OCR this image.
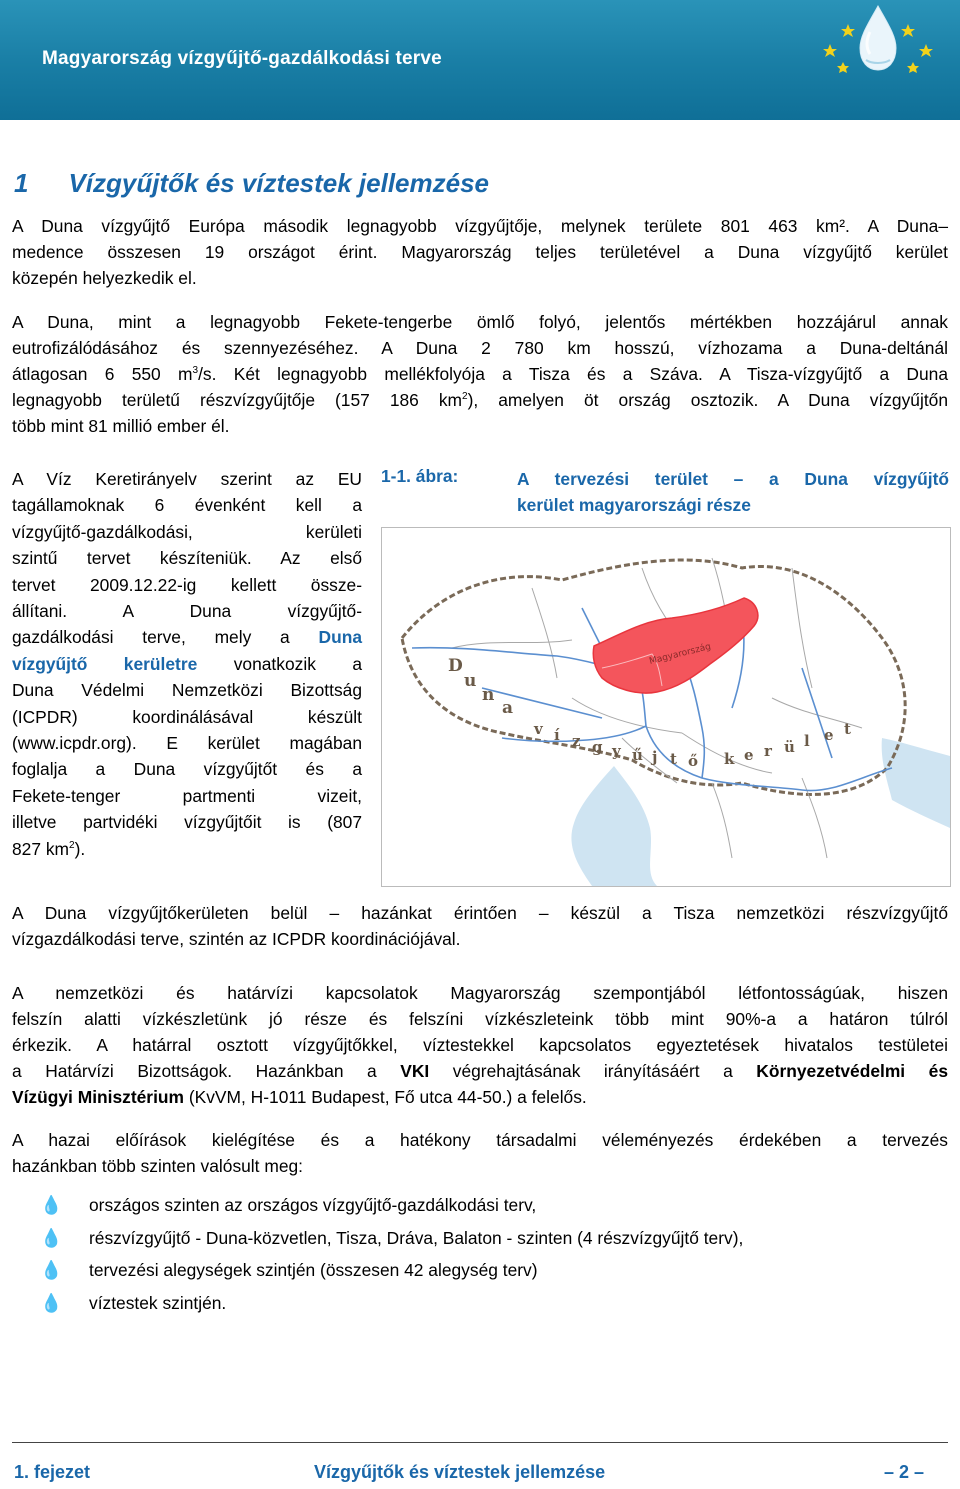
Magyarország vízgyűjtő-gazdálkodási terve
1 Vízgyűjtők és víztestek jellemzése
A Duna vízgyűjtő Európa második legnagyobb vízgyűjtője, melynek területe 801 463 km². A Duna–
medence összesen 19 országot érint. Magyarország teljes területével a Duna vízgyűjtő kerület
közepén helyezkedik el.
A Duna, mint a legnagyobb Fekete-tengerbe ömlő folyó, jelentős mértékben hozzájárul annak
eutrofizálódásához és szennyezéséhez. A Duna 2 780 km hosszú, vízhozama a Duna-deltánál
átlagosan 6 550 $m^3/s$. Két legnagyobb mellékfolyója a Tisza és a Száva. A Tisza-vízgyűjtő a Duna
legnagyobb területű részvízgyűjtője (157 186 $km^2$), amelyen öt ország osztozik. A Duna vízgyűjtőn
több mint 81 millió ember él.
A Víz Keretirányelv szerint az EU
tagállamoknak 6 évenként kell a
vízgyűjtő-gazdálkodási, kerületi
szintű tervet készíteniük. Az első
tervet 2009.12.22-ig kellett össze-
állítani. A Duna vízgyűjtő-
gazdálkodási terve, mely a Duna
vízgyűjtő kerületre vonatkozik a
Duna Védelmi Nemzetközi Bizottság
(ICPDR) koordinálásával készült
(www.icpdr.org). E kerület magában
foglalja a Duna vízgyűjtőt és a
Fekete-tenger partmenti vizeit,
illetve partvidéki vízgyűjtőit is (807
827 $km^2$).
1-1. ábra:	A tervezési terület – a Duna vízgyűjtő
kerület magyarországi része
D
u
n
a
v í z g y ű j t ő k e r ü l e t
Magyarország
A Duna vízgyűjtőkerületen belül – hazánkat érintően – készül a Tisza nemzetközi részvízgyűjtő
vízgazdálkodási terve, szintén az ICPDR koordinációjával.
A nemzetközi és határvízi kapcsolatok Magyarország szempontjából létfontosságúak, hiszen
felszín alatti vízkészletünk jó része és felszíni vízkészleteink több mint 90%-a a határon túlról
érkezik. A határral osztott vízgyűjtőkkel, víztestekkel kapcsolatos egyeztetések hivatalos testületei
a Határvízi Bizottságok. Hazánkban a VKI végrehajtásának irányításáért a Környezetvédelmi és
Vízügyi Minisztérium (KvVM, H-1011 Budapest, Fő utca 44-50.) a felelős.
A hazai előírások kielégítése és a hatékony társadalmi véleményezés érdekében a tervezés
hazánkban több szinten valósult meg:
💧 országos szinten az országos vízgyűjtő-gazdálkodási terv,
💧 részvízgyűjtő - Duna-közvetlen, Tisza, Dráva, Balaton - szinten (4 részvízgyűjtő terv),
💧 tervezési alegységek szintjén (összesen 42 alegység terv)
💧 víztestek szintjén.
1. fejezet	Vízgyűjtők és víztestek jellemzése	– 2 –
